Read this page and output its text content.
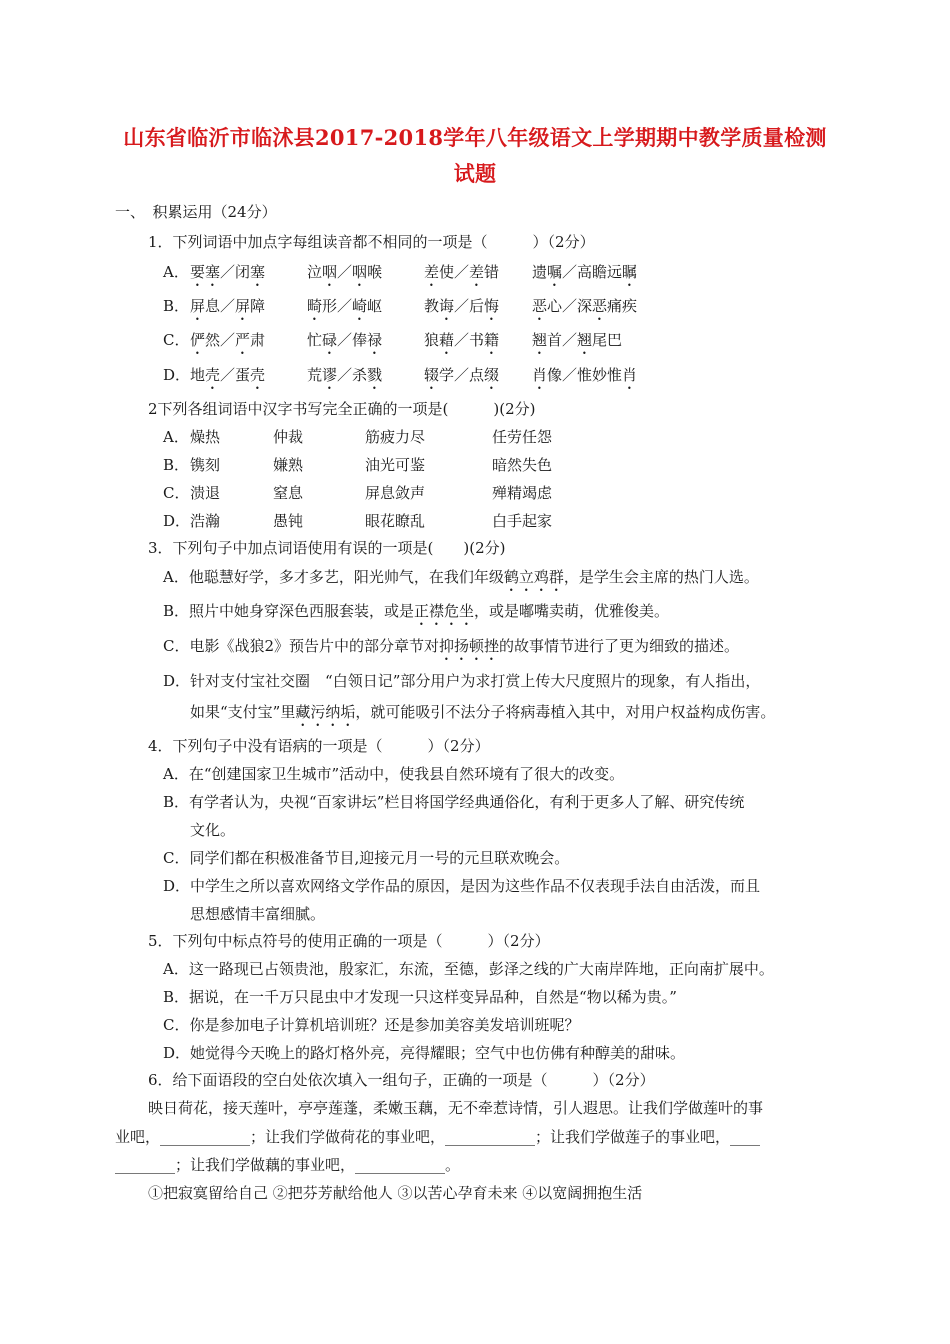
山东省临沂市临沭县2017-2018学年八年级语文上学期期中教学质量检测
试题
一、　积累运用（24分）
1．下列词语中加点字每组读音都不相同的一项是（　　　）（2分）
A． 要塞／闭塞	泣咽／咽喉	差使／差错 遗嘱／高瞻远瞩
B． 屏息／屏障	畸形／崎岖	教诲／后悔 恶心／深恶痛疾
C． 俨然／严肃	忙碌／俸禄	狼藉／书籍 翘首／翘尾巴
D． 地壳／蛋壳	荒谬／杀戮	辍学／点缀 肖像／惟妙惟肖
2下列各组词语中汉字书写完全正确的一项是(　　　)(2分)
A． 燥热	仲裁	筋疲力尽	任劳任怨
B． 镌刻	嫌熟	油光可鉴	暗然失色
C． 溃退	窒息	屏息敛声	殚精竭虑
D． 浩瀚	愚钝	眼花瞭乱	白手起家
3．下列句子中加点词语使用有误的一项是(　　)(2分)
A．他聪慧好学，多才多艺，阳光帅气，在我们年级鹤立鸡群，是学生会主席的热门人选。
B．照片中她身穿深色西服套装，或是正襟危坐，或是嘟嘴卖萌，优雅俊美。
C．电影《战狼2》预告片中的部分章节对抑扬顿挫的故事情节进行了更为细致的描述。
D．针对支付宝社交圈　“白领日记”部分用户为求打赏上传大尺度照片的现象，有人指出，
如果“支付宝”里藏污纳垢，就可能吸引不法分子将病毒植入其中，对用户权益构成伤害。
4．下列句子中没有语病的一项是（　　　）（2分）
A．在“创建国家卫生城市”活动中，使我县自然环境有了很大的改变。
B．有学者认为，央视“百家讲坛”栏目将国学经典通俗化，有利于更多人了解、研究传统
文化。
C．同学们都在积极准备节目,迎接元月一号的元旦联欢晚会。
D．中学生之所以喜欢网络文学作品的原因，是因为这些作品不仅表现手法自由活泼，而且
思想感情丰富细腻。
5．下列句中标点符号的使用正确的一项是（　　　）（2分）
A．这一路现已占领贵池，殷家汇，东流，至德，彭泽之线的广大南岸阵地，正向南扩展中。
B．据说，在一千万只昆虫中才发现一只这样变异品种，自然是“物以稀为贵。”
C．你是参加电子计算机培训班？还是参加美容美发培训班呢？
D．她觉得今天晚上的路灯格外亮，亮得耀眼；空气中也仿佛有种醇美的甜味。
6．给下面语段的空白处依次填入一组句子，正确的一项是（　　　）（2分）
映日荷花，接天莲叶，亭亭莲蓬，柔嫩玉藕，无不牵惹诗情，引人遐思。让我们学做莲叶的事
业吧，____________；让我们学做荷花的事业吧，____________；让我们学做莲子的事业吧，____
________；让我们学做藕的事业吧，____________。
①把寂寞留给自己 ②把芬芳献给他人 ③以苦心孕育未来 ④以宽阔拥抱生活
